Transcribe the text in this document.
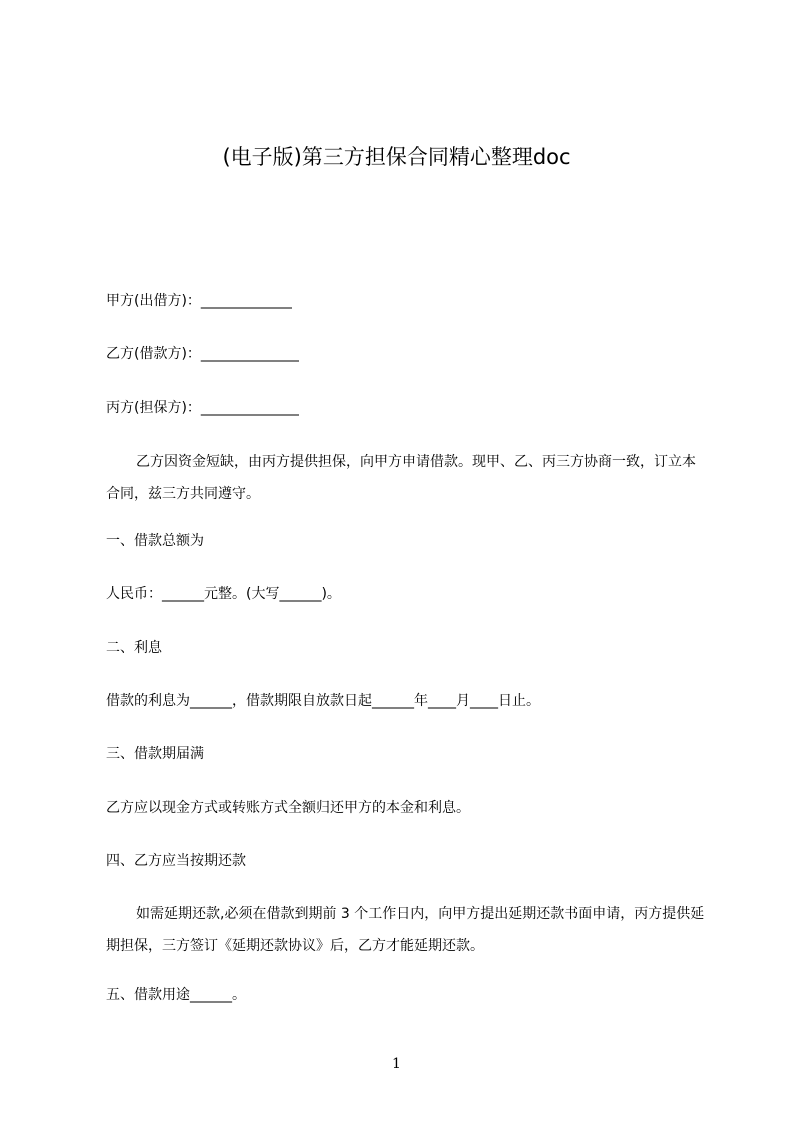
(电子版)第三方担保合同精心整理doc
甲方(出借方)：_____________
乙方(借款方)：______________
丙方(担保方)：______________
乙方因资金短缺，由丙方提供担保，向甲方申请借款。现甲、乙、丙三方协商一致，订立本合同，兹三方共同遵守。
一、借款总额为
人民币：______元整。(大写______)。
二、利息
借款的利息为______，借款期限自放款日起______年____月____日止。
三、借款期届满
乙方应以现金方式或转账方式全额归还甲方的本金和利息。
四、乙方应当按期还款
如需延期还款,必须在借款到期前 3 个工作日内，向甲方提出延期还款书面申请，丙方提供延期担保，三方签订《延期还款协议》后，乙方才能延期还款。
五、借款用途______。
1
